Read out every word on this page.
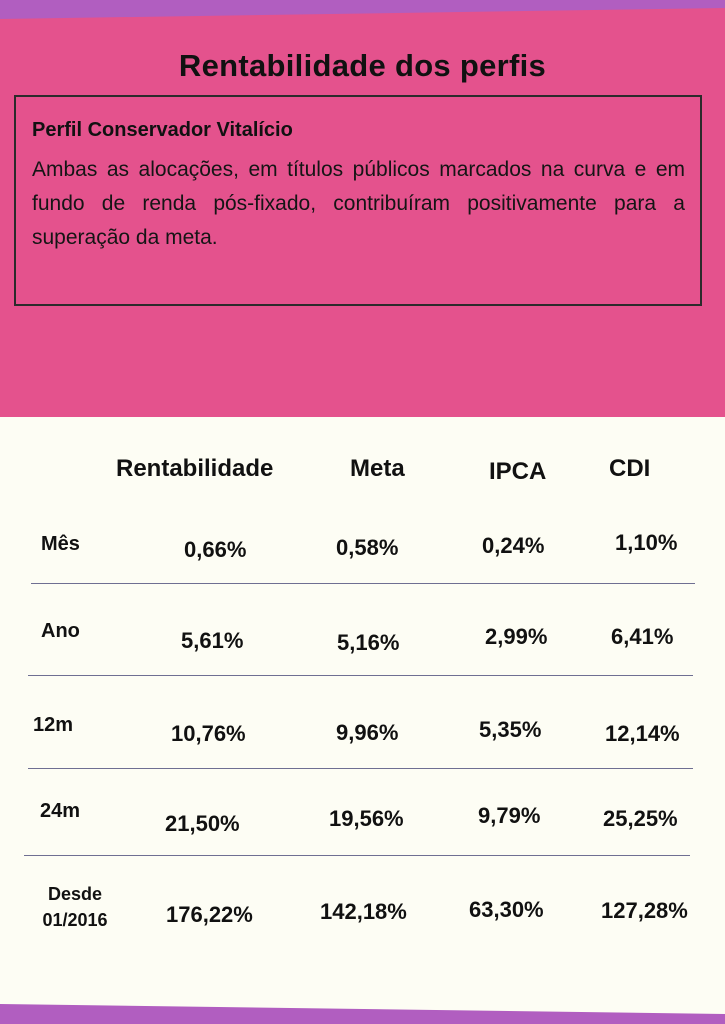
Rentabilidade dos perfis
Perfil Conservador Vitalício
Ambas as alocações, em títulos públicos marcados na curva e em fundo de renda pós-fixado, contribuíram positivamente para a superação da meta.
Rentabilidade	Meta	IPCA	CDI
Mês	0,66%	0,58%	0,24%	1,10%
Ano	5,61%	5,16%	2,99%	6,41%
12m	10,76%	9,96%	5,35%	12,14%
24m	21,50%	19,56%	9,79%	25,25%
Desde
01/2016	176,22%	142,18%	63,30%	127,28%
